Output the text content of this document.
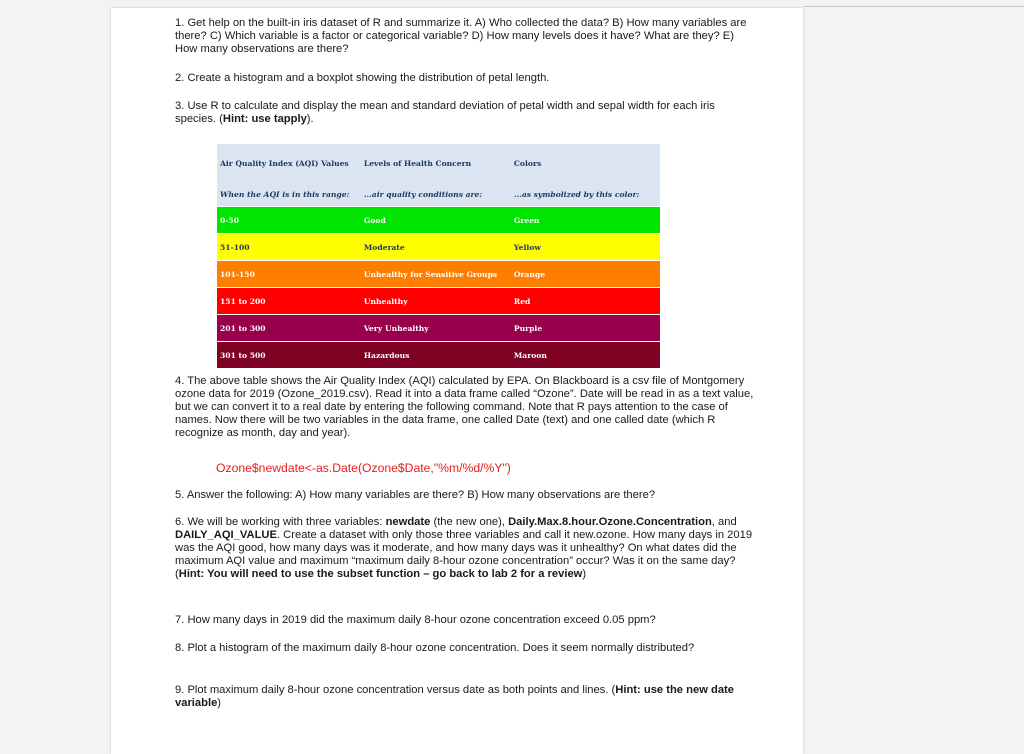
1. Get help on the built-in iris dataset of R and summarize it. A) Who collected the data? B) How many variables are there? C) Which variable is a factor or categorical variable? D) How many levels does it have? What are they? E) How many observations are there?
2. Create a histogram and a boxplot showing the distribution of petal length.
3. Use R to calculate and display the mean and standard deviation of petal width and sepal width for each iris species. (Hint: use tapply).
Air Quality Index (AQI) Values	Levels of Health Concern	Colors
When the AQI is in this range:	...air quality conditions are:	...as symbolized by this color:
0-50	Good	Green
51-100	Moderate	Yellow
101-150	Unhealthy for Sensitive Groups	Orange
151 to 200	Unhealthy	Red
201 to 300	Very Unhealthy	Purple
301 to 500	Hazardous	Maroon
4. The above table shows the Air Quality Index (AQI) calculated by EPA. On Blackboard is a csv file of Montgomery ozone data for 2019 (Ozone_2019.csv). Read it into a data frame called “Ozone”. Date will be read in as a text value, but we can convert it to a real date by entering the following command. Note that R pays attention to the case of names. Now there will be two variables in the data frame, one called Date (text) and one called date (which R recognize as month, day and year).
Ozone$newdate<-as.Date(Ozone$Date,"%m/%d/%Y")
5. Answer the following: A) How many variables are there? B) How many observations are there?
6. We will be working with three variables: newdate (the new one), Daily.Max.8.hour.Ozone.Concentration, and DAILY_AQI_VALUE. Create a dataset with only those three variables and call it new.ozone. How many days in 2019 was the AQI good, how many days was it moderate, and how many days was it unhealthy? On what dates did the maximum AQI value and maximum “maximum daily 8-hour ozone concentration” occur? Was it on the same day? (Hint: You will need to use the subset function – go back to lab 2 for a review)
7. How many days in 2019 did the maximum daily 8-hour ozone concentration exceed 0.05 ppm?
8. Plot a histogram of the maximum daily 8-hour ozone concentration. Does it seem normally distributed?
9. Plot maximum daily 8-hour ozone concentration versus date as both points and lines. (Hint: use the new date variable)
